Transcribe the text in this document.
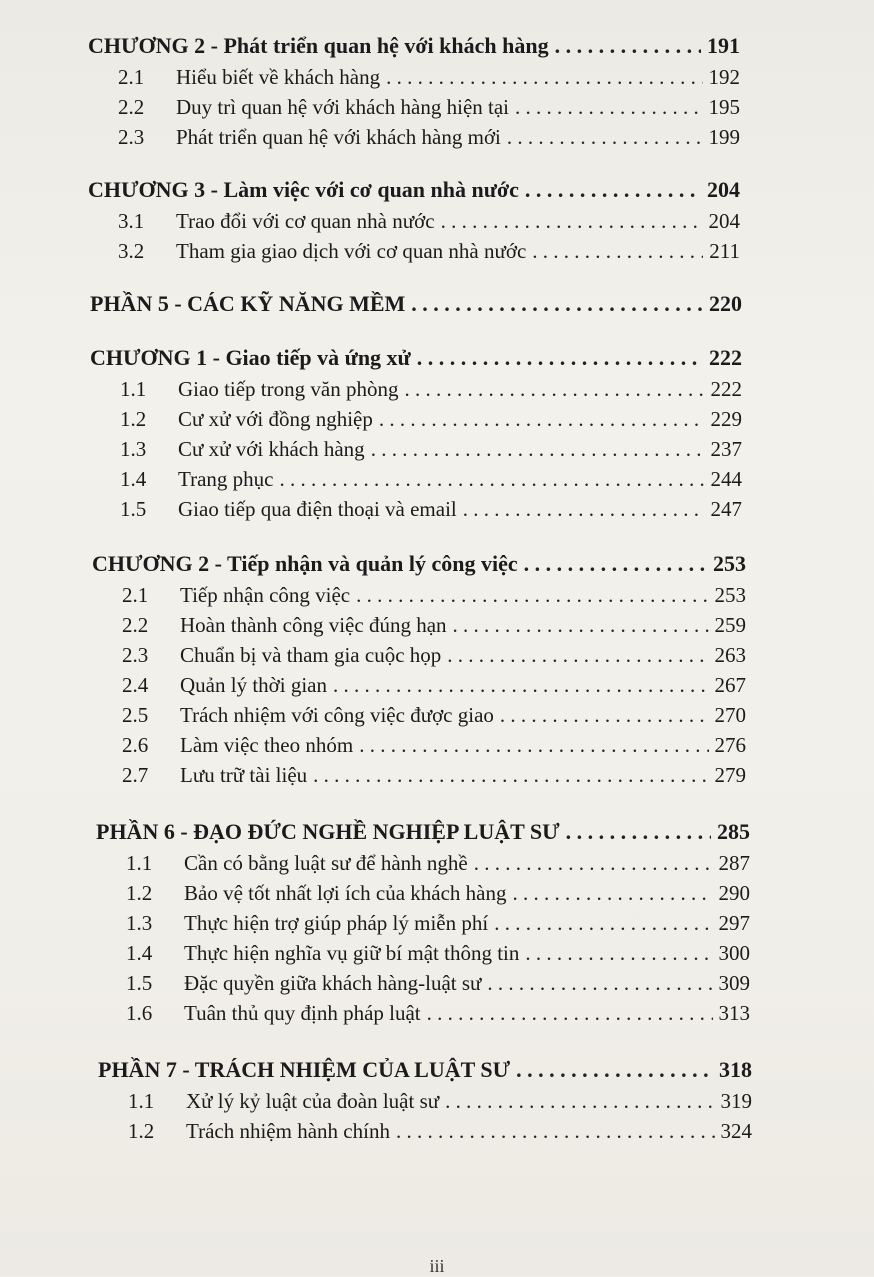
CHƯƠNG 2 - Phát triển quan hệ với khách hàng . . .	191
2.1	Hiểu biết về khách hàng . . .	192
2.2	Duy trì quan hệ với khách hàng hiện tại . . .	195
2.3	Phát triển quan hệ với khách hàng mới . . .	199
CHƯƠNG 3 - Làm việc với cơ quan nhà nước . . .	204
3.1	Trao đổi với cơ quan nhà nước . . .	204
3.2	Tham gia giao dịch với cơ quan nhà nước . . .	211
PHẦN 5 - CÁC KỸ NĂNG MỀM . . .	220
CHƯƠNG 1 - Giao tiếp và ứng xử . . .	222
1.1	Giao tiếp trong văn phòng . . .	222
1.2	Cư xử với đồng nghiệp . . .	229
1.3	Cư xử với khách hàng . . .	237
1.4	Trang phục . . .	244
1.5	Giao tiếp qua điện thoại và email . . .	247
CHƯƠNG 2 - Tiếp nhận và quản lý công việc . . .	253
2.1	Tiếp nhận công việc . . .	253
2.2	Hoàn thành công việc đúng hạn . . .	259
2.3	Chuẩn bị và tham gia cuộc họp . . .	263
2.4	Quản lý thời gian . . .	267
2.5	Trách nhiệm với công việc được giao . . .	270
2.6	Làm việc theo nhóm . . .	276
2.7	Lưu trữ tài liệu . . .	279
PHẦN 6 - ĐẠO ĐỨC NGHỀ NGHIỆP LUẬT SƯ . . .	285
1.1	Cần có bằng luật sư để hành nghề . . .	287
1.2	Bảo vệ tốt nhất lợi ích của khách hàng . . .	290
1.3	Thực hiện trợ giúp pháp lý miễn phí . . .	297
1.4	Thực hiện nghĩa vụ giữ bí mật thông tin . . .	300
1.5	Đặc quyền giữa khách hàng-luật sư . . .	309
1.6	Tuân thủ quy định pháp luật . . .	313
PHẦN 7 - TRÁCH NHIỆM CỦA LUẬT SƯ . . .	318
1.1	Xử lý kỷ luật của đoàn luật sư . . .	319
1.2	Trách nhiệm hành chính . . .	324
iii
